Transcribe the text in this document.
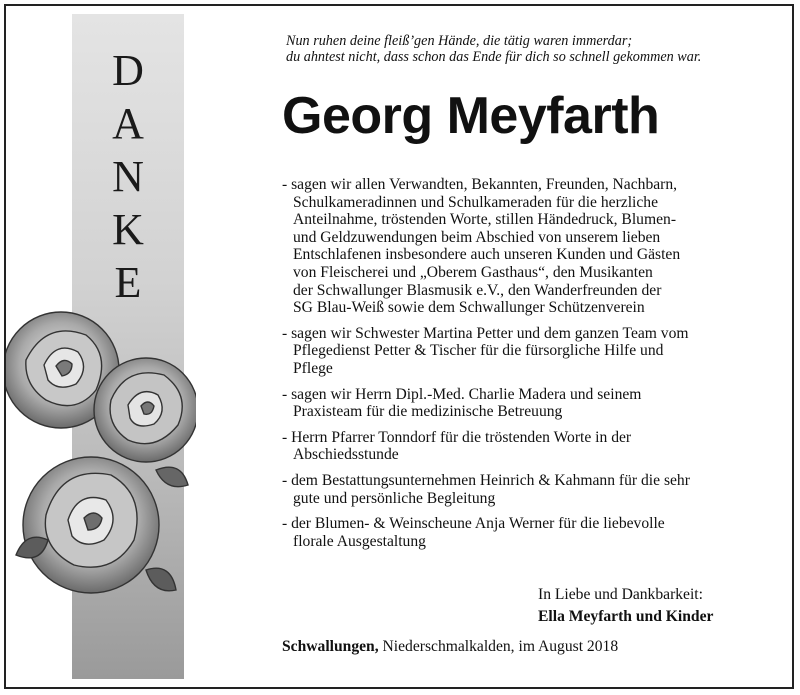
D
A
N
K
E
Nun ruhen deine fleiß’gen Hände, die tätig waren immerdar;
du ahntest nicht, dass schon das Ende für dich so schnell gekommen war.
Georg Meyfarth
- sagen wir allen Verwandten, Bekannten, Freunden, Nachbarn,
Schulkameradinnen und Schulkameraden für die herzliche
Anteilnahme, tröstenden Worte, stillen Händedruck, Blumen-
und Geldzuwendungen beim Abschied von unserem lieben
Entschlafenen insbesondere auch unseren Kunden und Gästen
von Fleischerei und „Oberem Gasthaus“, den Musikanten
der Schwallunger Blasmusik e.V., den Wanderfreunden der
SG Blau-Weiß sowie dem Schwallunger Schützenverein
- sagen wir Schwester Martina Petter und dem ganzen Team vom
Pflegedienst Petter & Tischer für die fürsorgliche Hilfe und
Pflege
- sagen wir Herrn Dipl.-Med. Charlie Madera und seinem
Praxisteam für die medizinische Betreuung
- Herrn Pfarrer Tonndorf für die tröstenden Worte in der
Abschiedsstunde
- dem Bestattungsunternehmen Heinrich & Kahmann für die sehr
gute und persönliche Begleitung
- der Blumen- & Weinscheune Anja Werner für die liebevolle
florale Ausgestaltung
In Liebe und Dankbarkeit:
Ella Meyfarth und Kinder
Schwallungen, Niederschmalkalden, im August 2018
